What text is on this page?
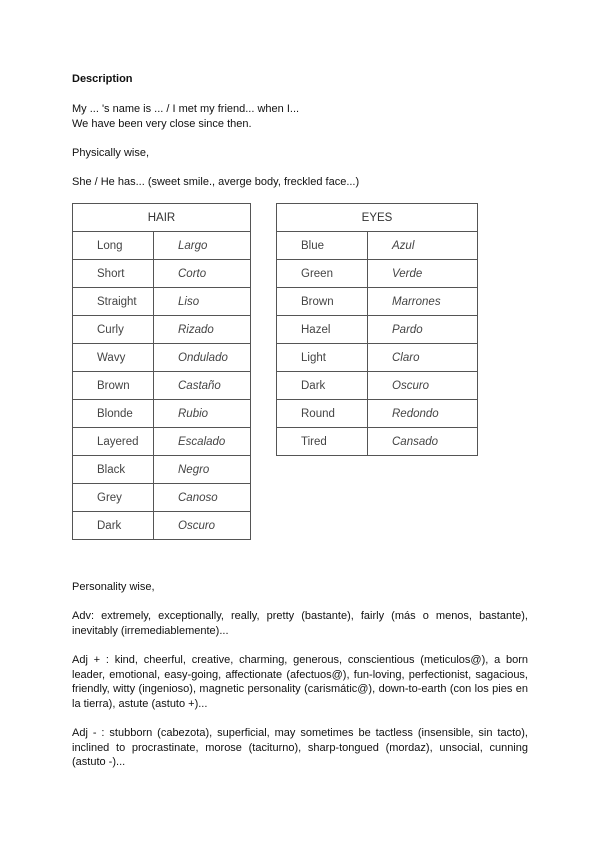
Description
My ... 's name is ... / I met my friend... when I...
We have been very close since then.
Physically wise,
She / He has... (sweet smile., averge body, freckled face...)
HAIR	
Long	Largo
Short	Corto
Straight	Liso
Curly	Rizado
Wavy	Ondulado
Brown	Castaño
Blonde	Rubio
Layered	Escalado
Black	Negro
Grey	Canoso
Dark	Oscuro
EYES	
Blue	Azul
Green	Verde
Brown	Marrones
Hazel	Pardo
Light	Claro
Dark	Oscuro
Round	Redondo
Tired	Cansado
Personality wise,
Adv: extremely, exceptionally, really, pretty (bastante), fairly (más o menos, bastante), inevitably (irremediablemente)...
Adj + : kind, cheerful, creative, charming, generous, conscientious (meticulos@), a born leader, emotional, easy-going, affectionate (afectuos@), fun-loving, perfectionist, sagacious, friendly, witty (ingenioso), magnetic personality (carismátic@), down-to-earth (con los pies en la tierra), astute (astuto +)...
Adj - : stubborn (cabezota), superficial, may sometimes be tactless (insensible, sin tacto), inclined to procrastinate, morose (taciturno), sharp-tongued (mordaz), unsocial, cunning (astuto -)...
